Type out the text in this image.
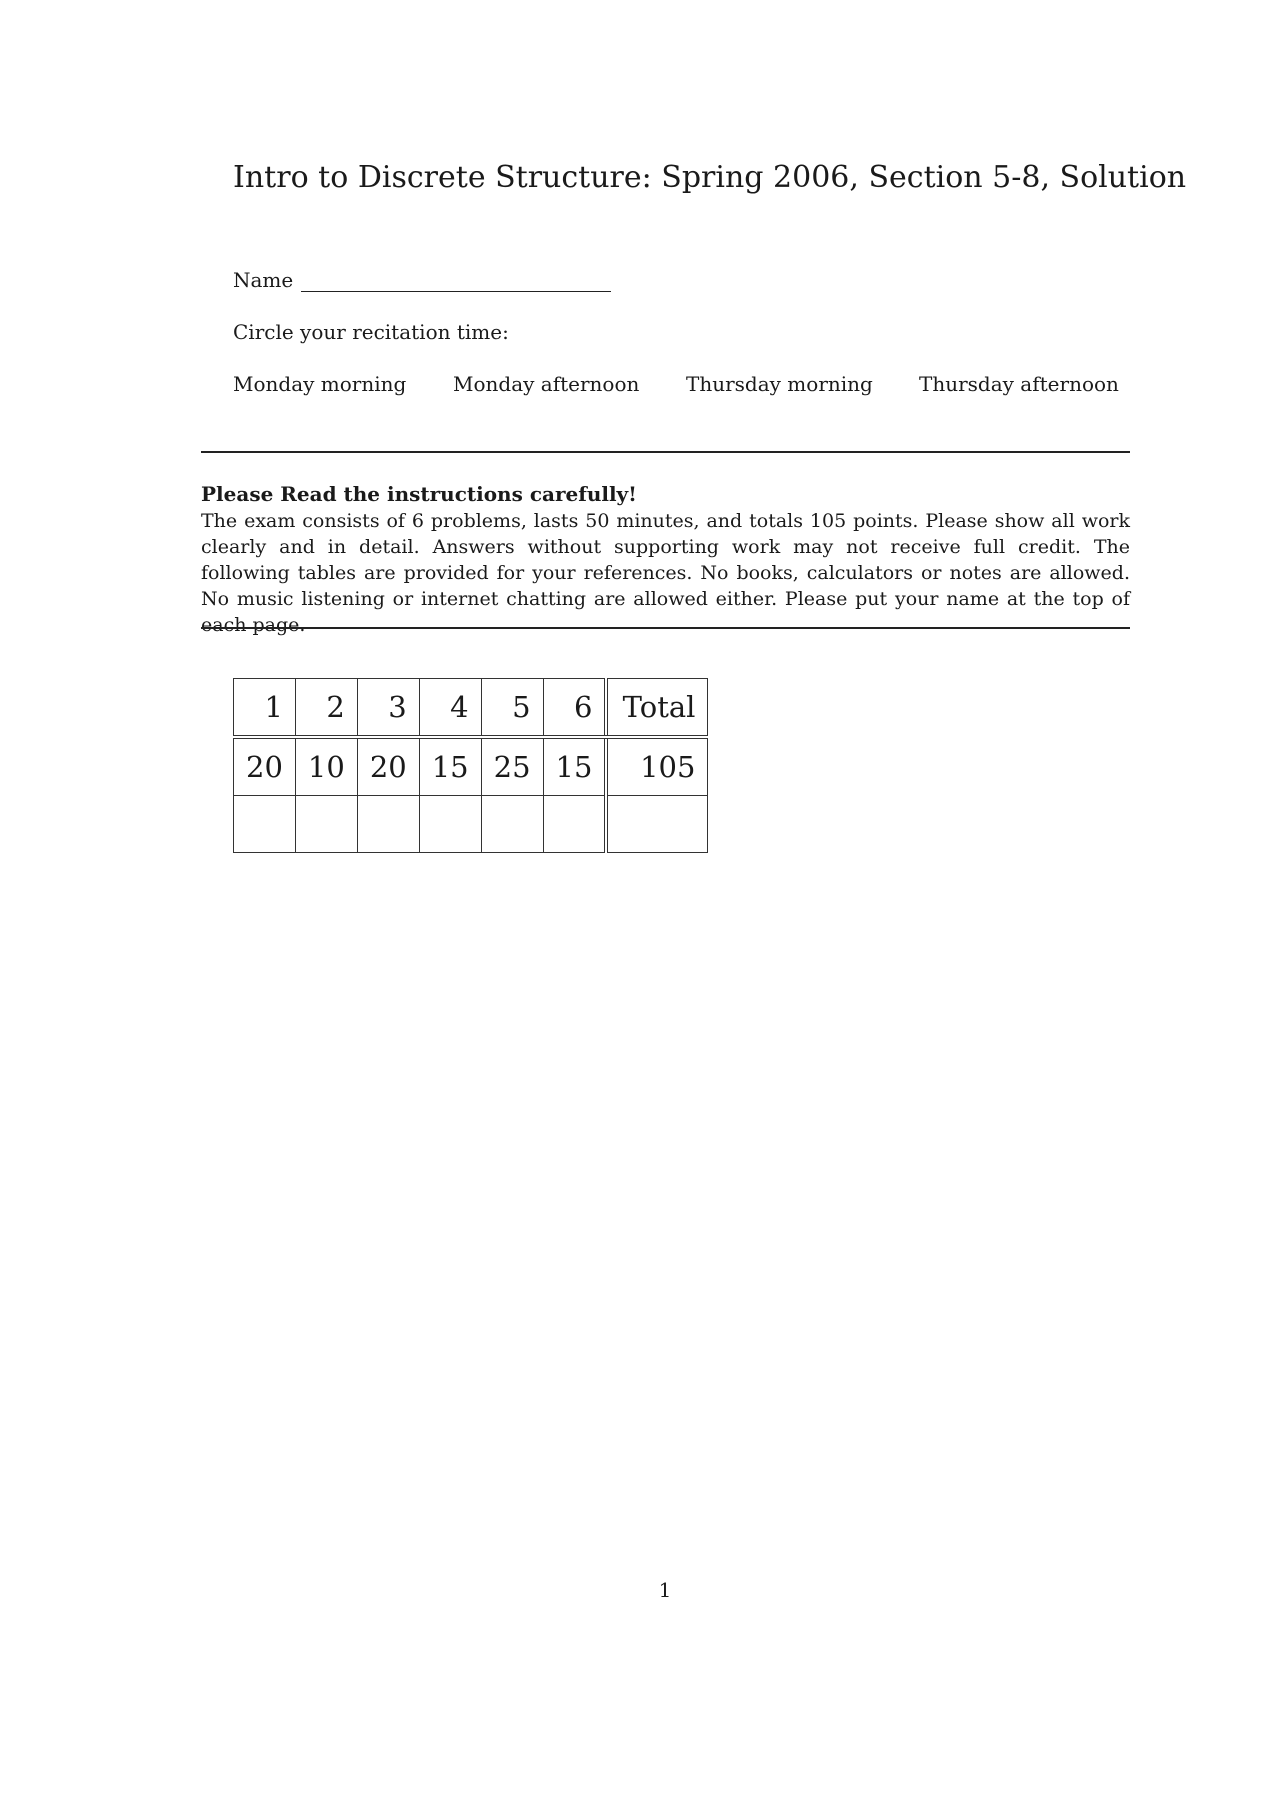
Intro to Discrete Structure: Spring 2006, Section 5-8, Solution
Name
Circle your recitation time:
Monday morning Monday afternoon Thursday morning Thursday afternoon
Please Read the instructions carefully!
The exam consists of 6 problems, lasts 50 minutes, and totals 105 points. Please show all work clearly and in detail. Answers without supporting work may not receive full credit. The following tables are provided for your references. No books, calculators or notes are allowed. No music listening or internet chatting are allowed either. Please put your name at the top of each page.
1	2	3	4	5	6	Total
20	10	20	15	25	15	105

1
